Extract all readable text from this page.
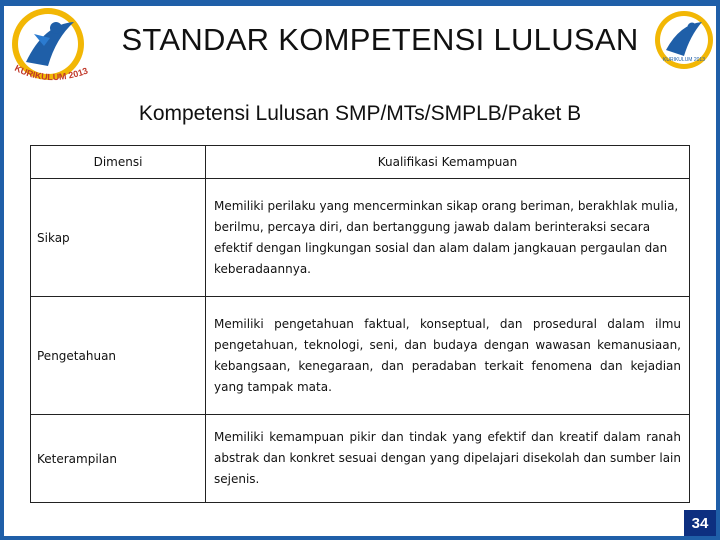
KURIKULUM 2013
KURIKULUM 2013
STANDAR KOMPETENSI LULUSAN
Kompetensi Lulusan SMP/MTs/SMPLB/Paket B
Dimensi	Kualifikasi Kemampuan
Sikap	Memiliki perilaku yang mencerminkan sikap orang beriman, berakhlak mulia, berilmu, percaya diri, dan bertanggung jawab dalam berinteraksi secara efektif dengan lingkungan sosial dan alam dalam jangkauan pergaulan dan keberadaannya.
Pengetahuan	Memiliki pengetahuan faktual, konseptual, dan prosedural dalam ilmu pengetahuan, teknologi, seni, dan budaya dengan wawasan kemanusiaan, kebangsaan, kenegaraan, dan peradaban terkait fenomena dan kejadian yang tampak mata.
Keterampilan	Memiliki kemampuan pikir dan tindak yang efektif dan kreatif dalam ranah abstrak dan konkret sesuai dengan yang dipelajari disekolah dan sumber lain sejenis.
34
